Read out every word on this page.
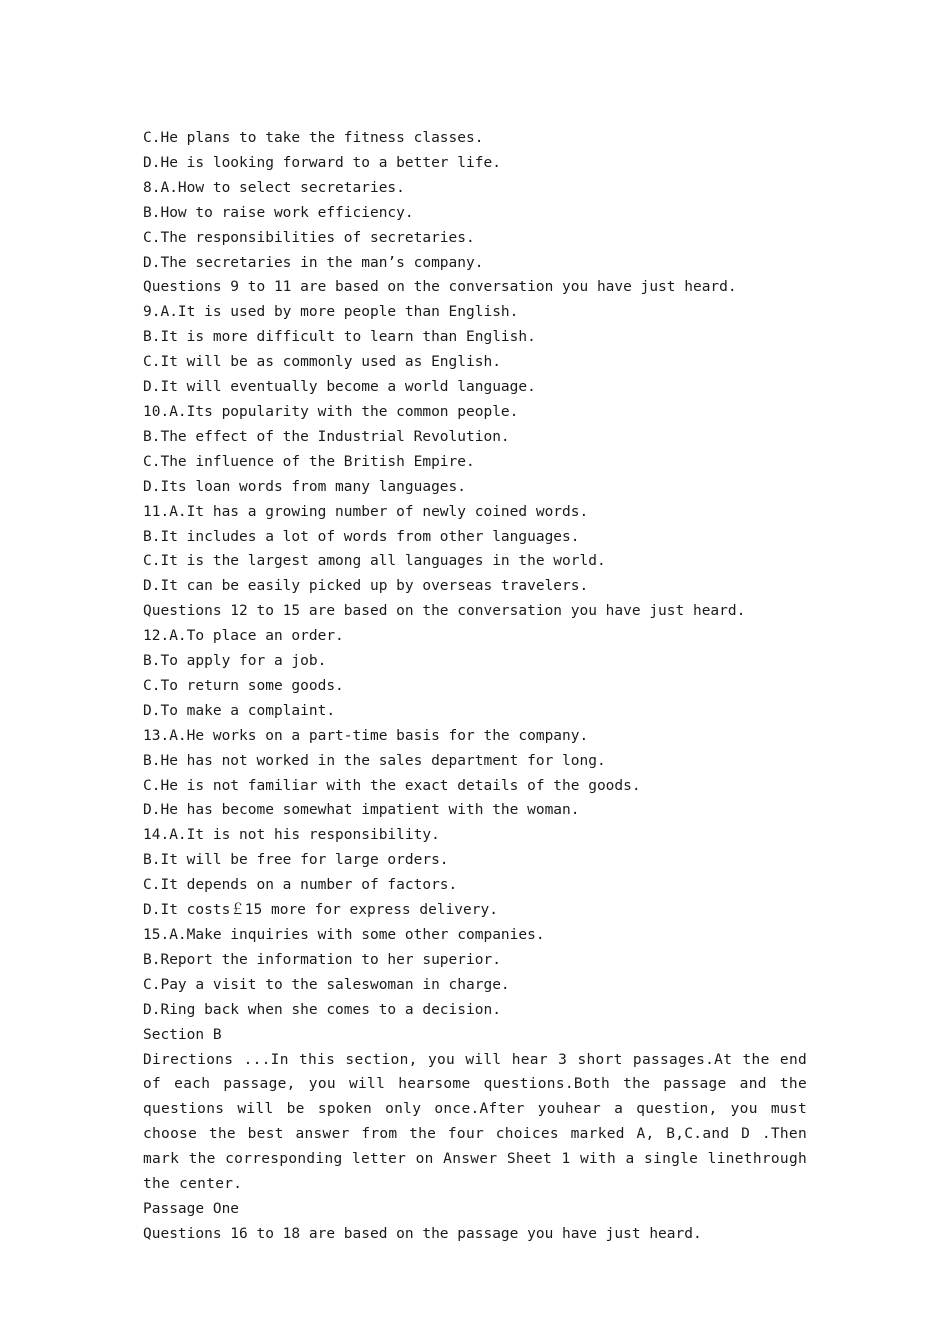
C.He plans to take the fitness classes.
D.He is looking forward to a better life.
8.A.How to select secretaries.
B.How to raise work efficiency.
C.The responsibilities of secretaries.
D.The secretaries in the man’s company.
Questions 9 to 11 are based on the conversation you have just heard.
9.A.It is used by more people than English.
B.It is more difficult to learn than English.
C.It will be as commonly used as English.
D.It will eventually become a world language.
10.A.Its popularity with the common people.
B.The effect of the Industrial Revolution.
C.The influence of the British Empire.
D.Its loan words from many languages.
11.A.It has a growing number of newly coined words.
B.It includes a lot of words from other languages.
C.It is the largest among all languages in the world.
D.It can be easily picked up by overseas travelers.
Questions 12 to 15 are based on the conversation you have just heard.
12.A.To place an order.
B.To apply for a job.
C.To return some goods.
D.To make a complaint.
13.A.He works on a part-time basis for the company.
B.He has not worked in the sales department for long.
C.He is not familiar with the exact details of the goods.
D.He has become somewhat impatient with the woman.
14.A.It is not his responsibility.
B.It will be free for large orders.
C.It depends on a number of factors.
D.It costs￡15 more for express delivery.
15.A.Make inquiries with some other companies.
B.Report the information to her superior.
C.Pay a visit to the saleswoman in charge.
D.Ring back when she comes to a decision.
Section B
Directions ...In this section, you will hear 3 short passages.At the end of each passage, you will hearsome questions.Both the passage and the questions will be spoken only once.After youhear a question, you must choose the best answer from the four choices marked A, B,C.and D .Then mark the corresponding letter on Answer Sheet 1 with a single linethrough the center.
Passage One
Questions 16 to 18 are based on the passage you have just heard.
